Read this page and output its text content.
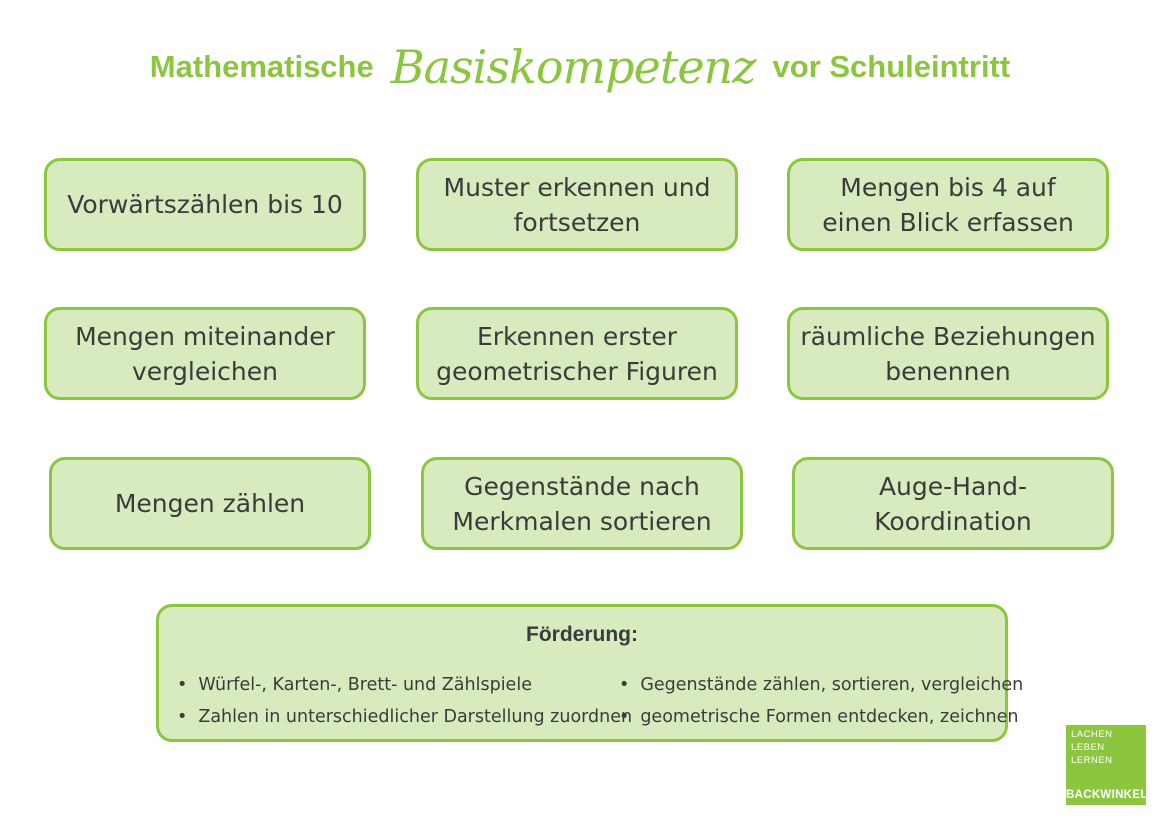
Mathematische Basiskompetenz vor Schuleintritt
Vorwärtszählen bis 10
Muster erkennen und
fortsetzen
Mengen bis 4 auf
einen Blick erfassen
Mengen miteinander
vergleichen
Erkennen erster
geometrischer Figuren
räumliche Beziehungen
benennen
Mengen zählen
Gegenstände nach
Merkmalen sortieren
Auge-Hand-Koordination
Förderung:
• Würfel-, Karten-, Brett- und Zählspiele
• Zahlen in unterschiedlicher Darstellung zuordnen
• Gegenstände zählen, sortieren, vergleichen
• geometrische Formen entdecken, zeichnen
LACHEN
LEBEN
LERNEN
BACKWINKEL
